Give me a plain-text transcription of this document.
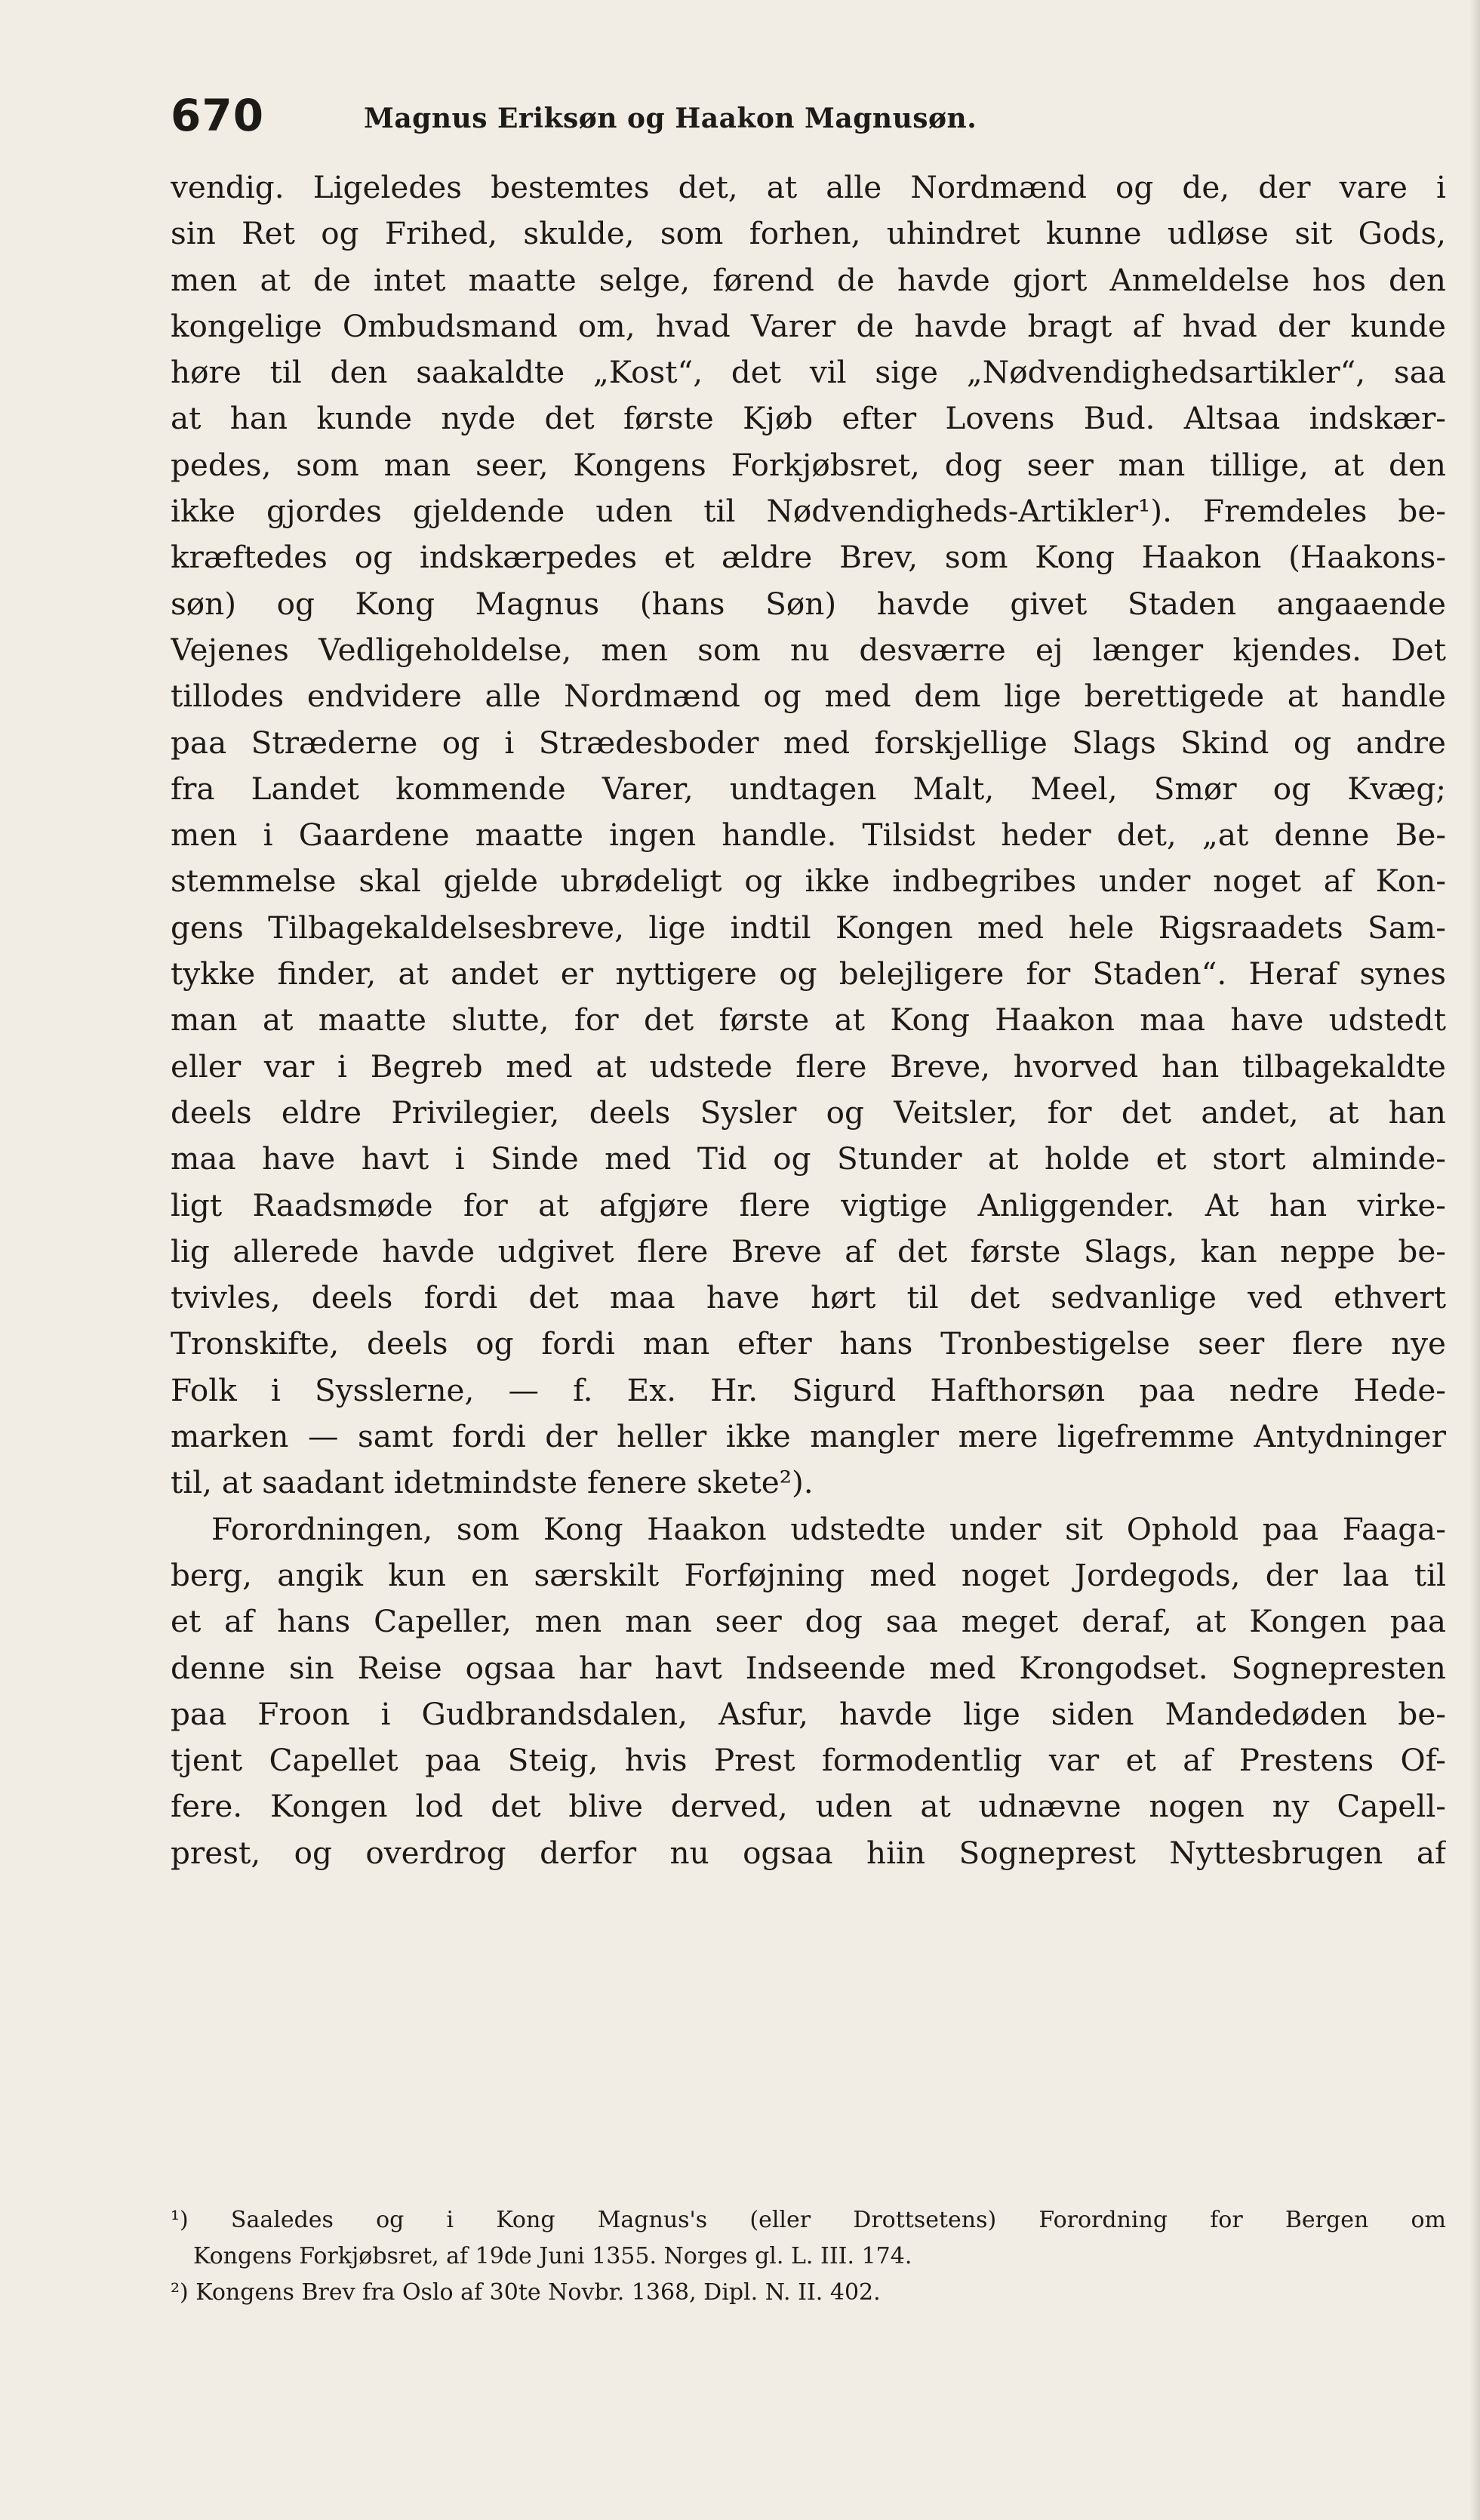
670	Magnus Eriksøn og Haakon Magnusøn.
vendig. Ligeledes bestemtes det, at alle Nordmænd og de, der vare i
sin Ret og Frihed, skulde, som forhen, uhindret kunne udløse sit Gods,
men at de intet maatte selge, førend de havde gjort Anmeldelse hos den
kongelige Ombudsmand om, hvad Varer de havde bragt af hvad der kunde
høre til den saakaldte „Kost“, det vil sige „Nødvendighedsartikler“, saa
at han kunde nyde det første Kjøb efter Lovens Bud. Altsaa indskær-
pedes, som man seer, Kongens Forkjøbsret, dog seer man tillige, at den
ikke gjordes gjeldende uden til Nødvendigheds-Artikler¹). Fremdeles be-
kræftedes og indskærpedes et ældre Brev, som Kong Haakon (Haakons-
søn) og Kong Magnus (hans Søn) havde givet Staden angaaende
Vejenes Vedligeholdelse, men som nu desværre ej længer kjendes. Det
tillodes endvidere alle Nordmænd og med dem lige berettigede at handle
paa Stræderne og i Strædesboder med forskjellige Slags Skind og andre
fra Landet kommende Varer, undtagen Malt, Meel, Smør og Kvæg;
men i Gaardene maatte ingen handle. Tilsidst heder det, „at denne Be-
stemmelse skal gjelde ubrødeligt og ikke indbegribes under noget af Kon-
gens Tilbagekaldelsesbreve, lige indtil Kongen med hele Rigsraadets Sam-
tykke finder, at andet er nyttigere og belejligere for Staden“. Heraf synes
man at maatte slutte, for det første at Kong Haakon maa have udstedt
eller var i Begreb med at udstede flere Breve, hvorved han tilbagekaldte
deels eldre Privilegier, deels Sysler og Veitsler, for det andet, at han
maa have havt i Sinde med Tid og Stunder at holde et stort alminde-
ligt Raadsmøde for at afgjøre flere vigtige Anliggender. At han virke-
lig allerede havde udgivet flere Breve af det første Slags, kan neppe be-
tvivles, deels fordi det maa have hørt til det sedvanlige ved ethvert
Tronskifte, deels og fordi man efter hans Tronbestigelse seer flere nye
Folk i Sysslerne, — f. Ex. Hr. Sigurd Hafthorsøn paa nedre Hede-
marken — samt fordi der heller ikke mangler mere ligefremme Antydninger
til, at saadant idetmindste fenere skete²).
Forordningen, som Kong Haakon udstedte under sit Ophold paa Faaga-
berg, angik kun en særskilt Forføjning med noget Jordegods, der laa til
et af hans Capeller, men man seer dog saa meget deraf, at Kongen paa
denne sin Reise ogsaa har havt Indseende med Krongodset. Sognepresten
paa Froon i Gudbrandsdalen, Asfur, havde lige siden Mandedøden be-
tjent Capellet paa Steig, hvis Prest formodentlig var et af Prestens Of-
fere. Kongen lod det blive derved, uden at udnævne nogen ny Capell-
prest, og overdrog derfor nu ogsaa hiin Sogneprest Nyttesbrugen af
¹) Saaledes og i Kong Magnus's (eller Drottsetens) Forordning for Bergen om
Kongens Forkjøbsret, af 19de Juni 1355. Norges gl. L. III. 174.
²) Kongens Brev fra Oslo af 30te Novbr. 1368, Dipl. N. II. 402.
